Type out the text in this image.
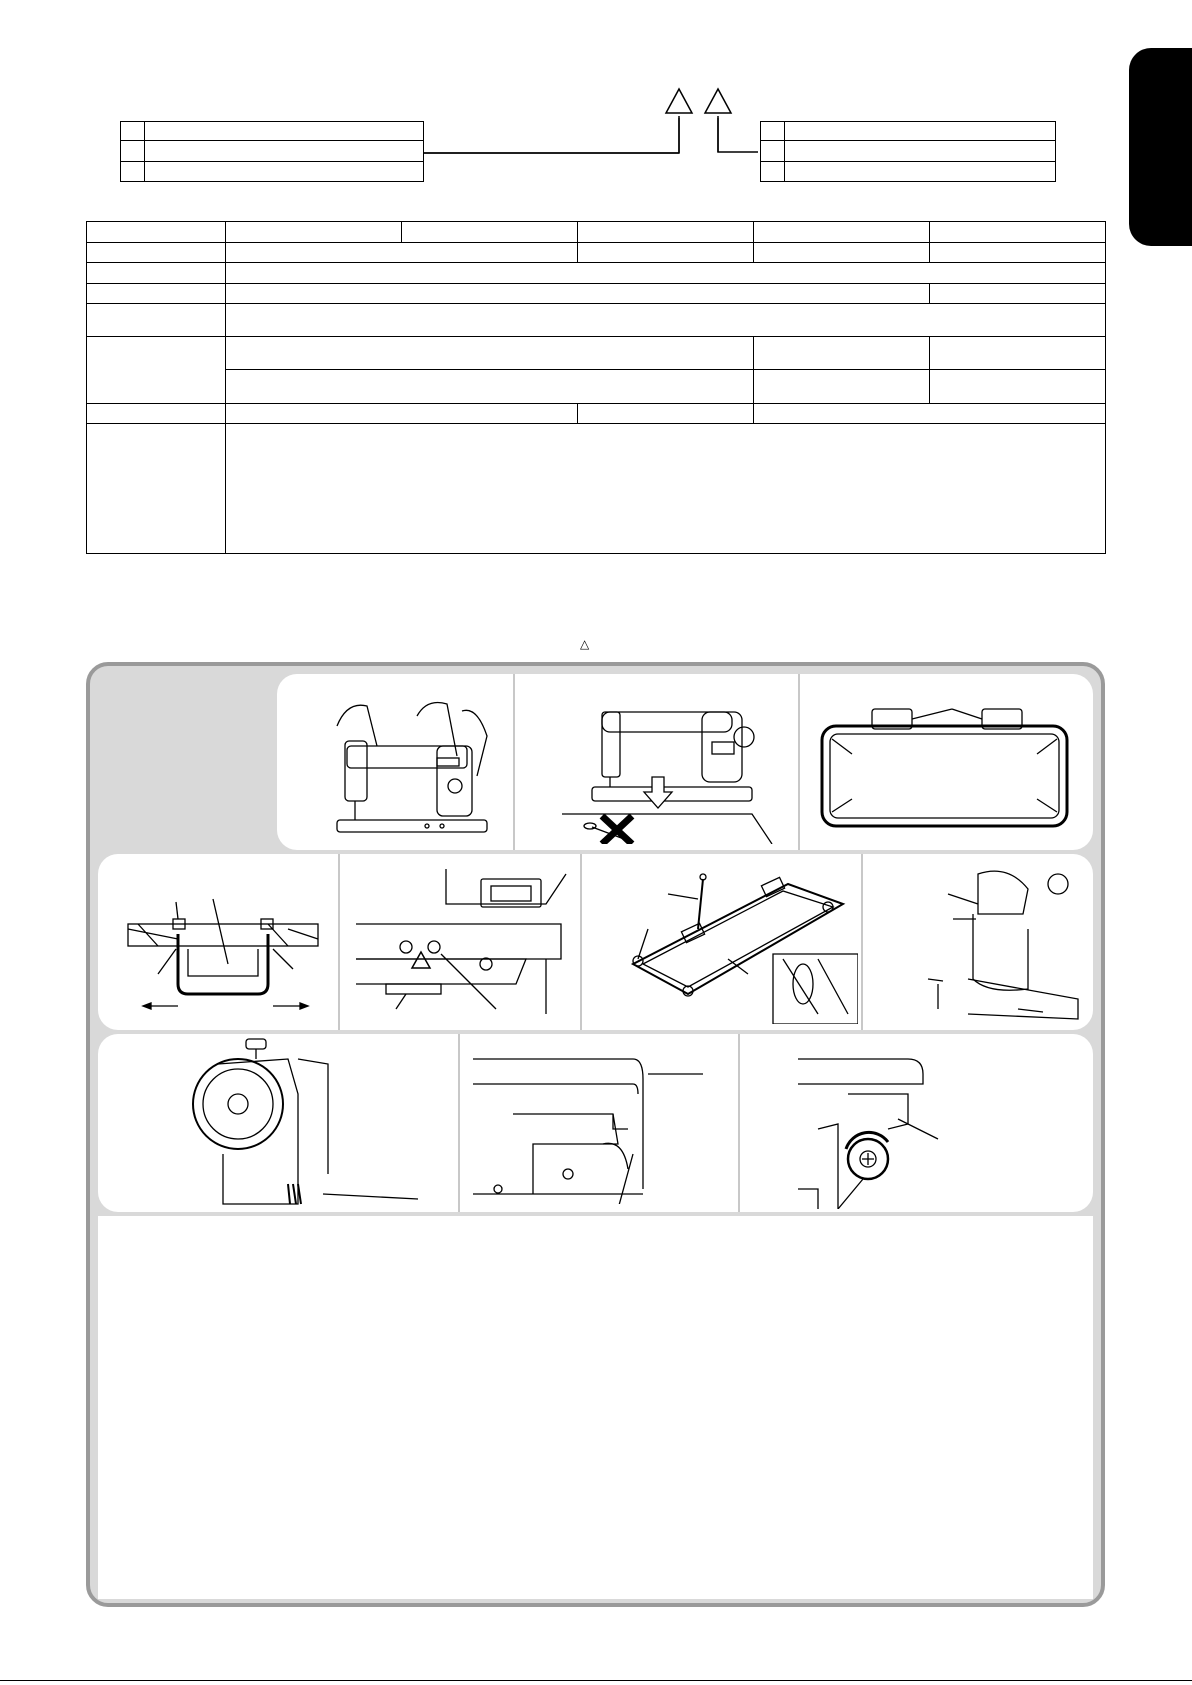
△
